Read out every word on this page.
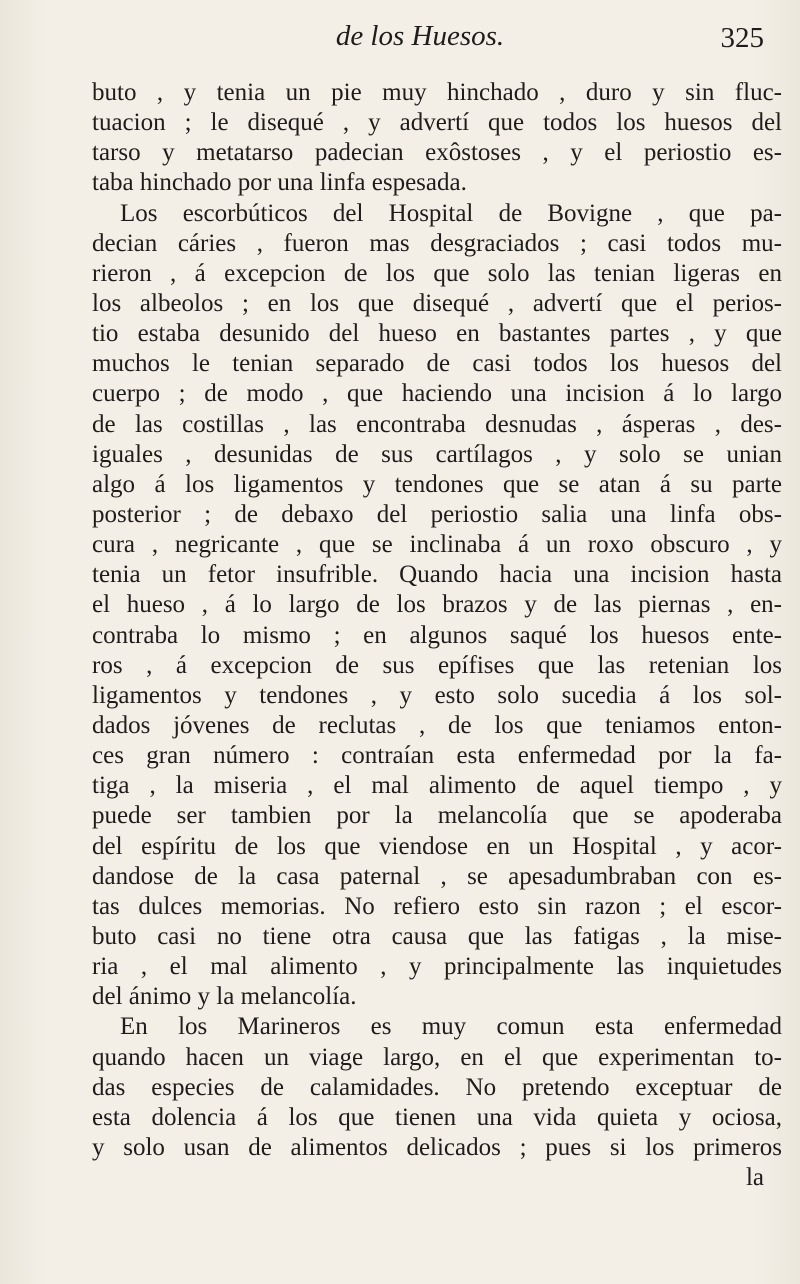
de los Huesos.	325
buto , y tenia un pie muy hinchado , duro y sin fluc-
tuacion ; le disequé , y advertí que todos los huesos del
tarso y metatarso padecian exôstoses , y el periostio es-
taba hinchado por una linfa espesada.
Los escorbúticos del Hospital de Bovigne , que pa-
decian cáries , fueron mas desgraciados ; casi todos mu-
rieron , á excepcion de los que solo las tenian ligeras en
los albeolos ; en los que disequé , advertí que el perios-
tio estaba desunido del hueso en bastantes partes , y que
muchos le tenian separado de casi todos los huesos del
cuerpo ; de modo , que haciendo una incision á lo largo
de las costillas , las encontraba desnudas , ásperas , des-
iguales , desunidas de sus cartílagos , y solo se unian
algo á los ligamentos y tendones que se atan á su parte
posterior ; de debaxo del periostio salia una linfa obs-
cura , negricante , que se inclinaba á un roxo obscuro , y
tenia un fetor insufrible. Quando hacia una incision hasta
el hueso , á lo largo de los brazos y de las piernas , en-
contraba lo mismo ; en algunos saqué los huesos ente-
ros , á excepcion de sus epífises que las retenian los
ligamentos y tendones , y esto solo sucedia á los sol-
dados jóvenes de reclutas , de los que teniamos enton-
ces gran número : contraían esta enfermedad por la fa-
tiga , la miseria , el mal alimento de aquel tiempo , y
puede ser tambien por la melancolía que se apoderaba
del espíritu de los que viendose en un Hospital , y acor-
dandose de la casa paternal , se apesadumbraban con es-
tas dulces memorias. No refiero esto sin razon ; el escor-
buto casi no tiene otra causa que las fatigas , la mise-
ria , el mal alimento , y principalmente las inquietudes
del ánimo y la melancolía.
En los Marineros es muy comun esta enfermedad
quando hacen un viage largo, en el que experimentan to-
das especies de calamidades. No pretendo exceptuar de
esta dolencia á los que tienen una vida quieta y ociosa,
y solo usan de alimentos delicados ; pues si los primeros
la
